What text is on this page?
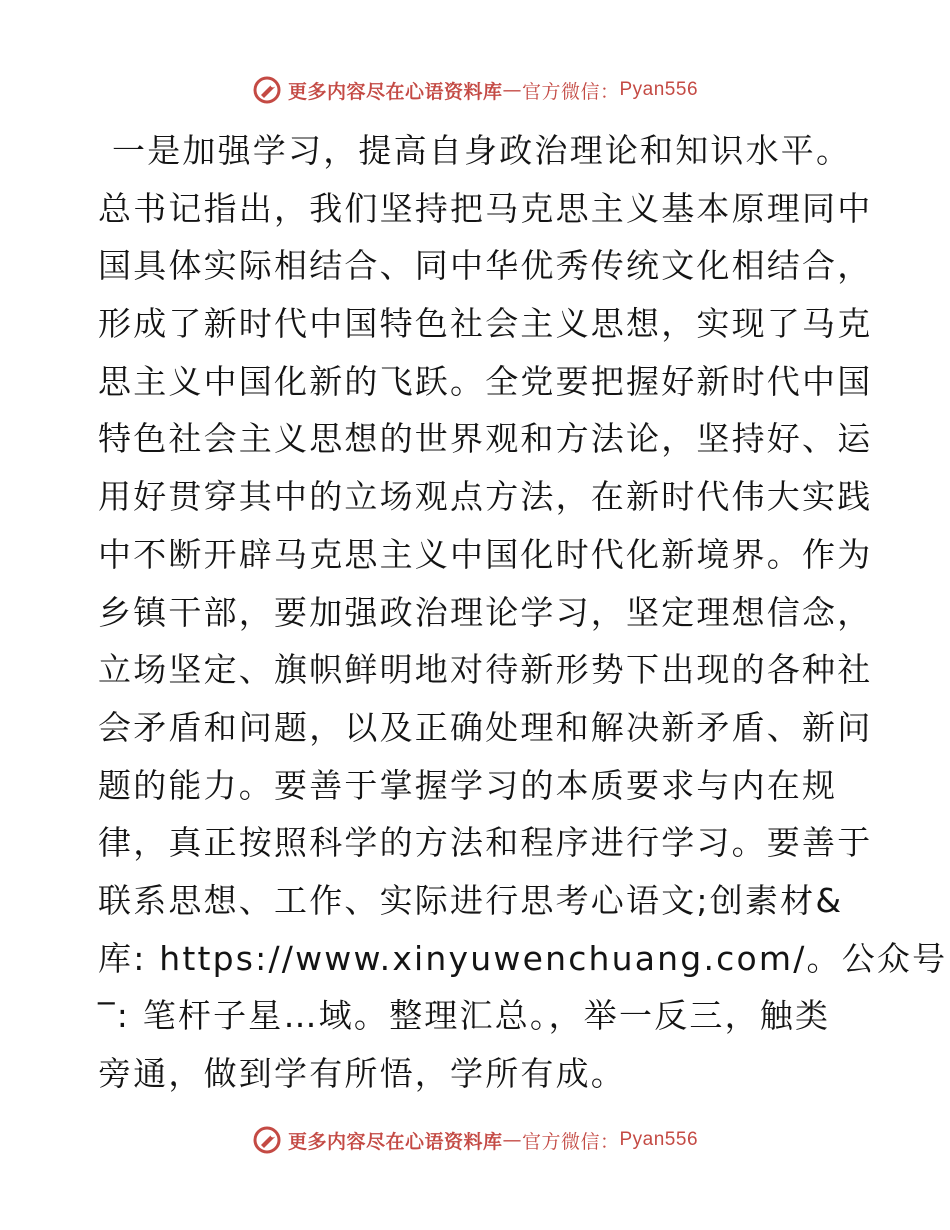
更多内容尽在心语资料库 — 官方微信： Pyan556
一是加强学习，提高自身政治理论和知识水平。
总书记指出，我们坚持把马克思主义基本原理同中
国具体实际相结合、同中华优秀传统文化相结合，
形成了新时代中国特色社会主义思想，实现了马克
思主义中国化新的飞跃。全党要把握好新时代中国
特色社会主义思想的世界观和方法论，坚持好、运
用好贯穿其中的立场观点方法，在新时代伟大实践
中不断开辟马克思主义中国化时代化新境界。作为
乡镇干部，要加强政治理论学习，坚定理想信念，
立场坚定、旗帜鲜明地对待新形势下出现的各种社
会矛盾和问题，以及正确处理和解决新矛盾、新问
题的能力。要善于掌握学习的本质要求与内在规
律，真正按照科学的方法和程序进行学习。要善于
联系思想、工作、实际进行思考心语文;创素材&
库: https://www.xinyuwenchuang.com/。公众号
‾: 笔杆子星…域。整理汇总。，举一反三，触类
旁通，做到学有所悟，学所有成。
更多内容尽在心语资料库 — 官方微信： Pyan556
